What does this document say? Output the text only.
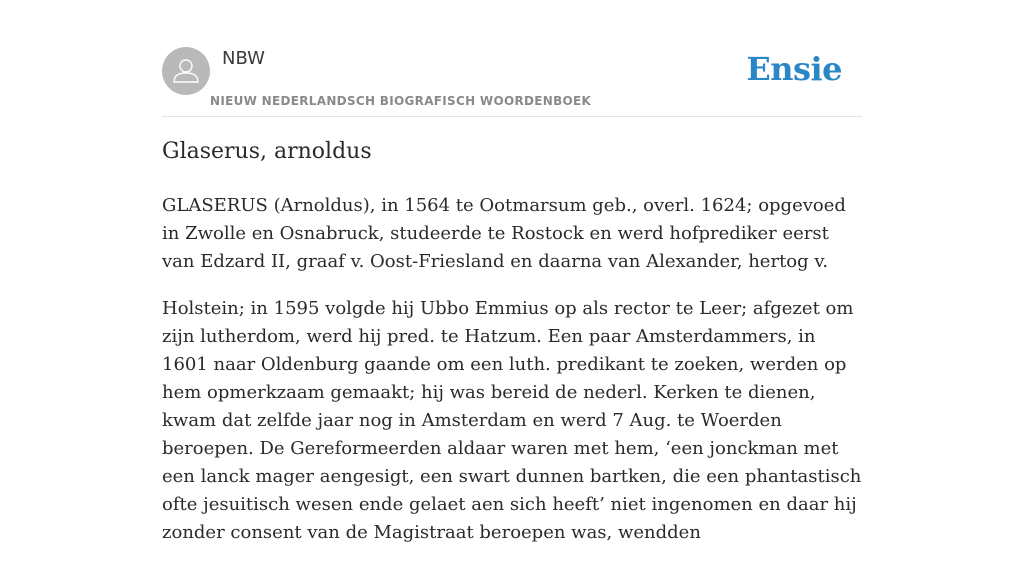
NBW
NIEUW NEDERLANDSCH BIOGRAFISCH WOORDENBOEK
Ensie
Glaserus, arnoldus

GLASERUS (Arnoldus), in 1564 te Ootmarsum geb., overl. 1624; opgevoed in Zwolle en Osnabruck, studeerde te Rostock en werd hofprediker eerst van Edzard II, graaf v. Oost-Friesland en daarna van Alexander, hertog v.

Holstein; in 1595 volgde hij Ubbo Emmius op als rector te Leer; afgezet om zijn lutherdom, werd hij pred. te Hatzum. Een paar Amsterdammers, in 1601 naar Oldenburg gaande om een luth. predikant te zoeken, werden op hem opmerkzaam gemaakt; hij was bereid de nederl. Kerken te dienen, kwam dat zelfde jaar nog in Amsterdam en werd 7 Aug. te Woerden beroepen. De Gereformeerden aldaar waren met hem, ‘een jonckman met een lanck mager aengesigt, een swart dunnen bartken, die een phantastisch ofte jesuitisch wesen ende gelaet aen sich heeft’ niet ingenomen en daar hij zonder consent van de Magistraat beroepen was, wendden
